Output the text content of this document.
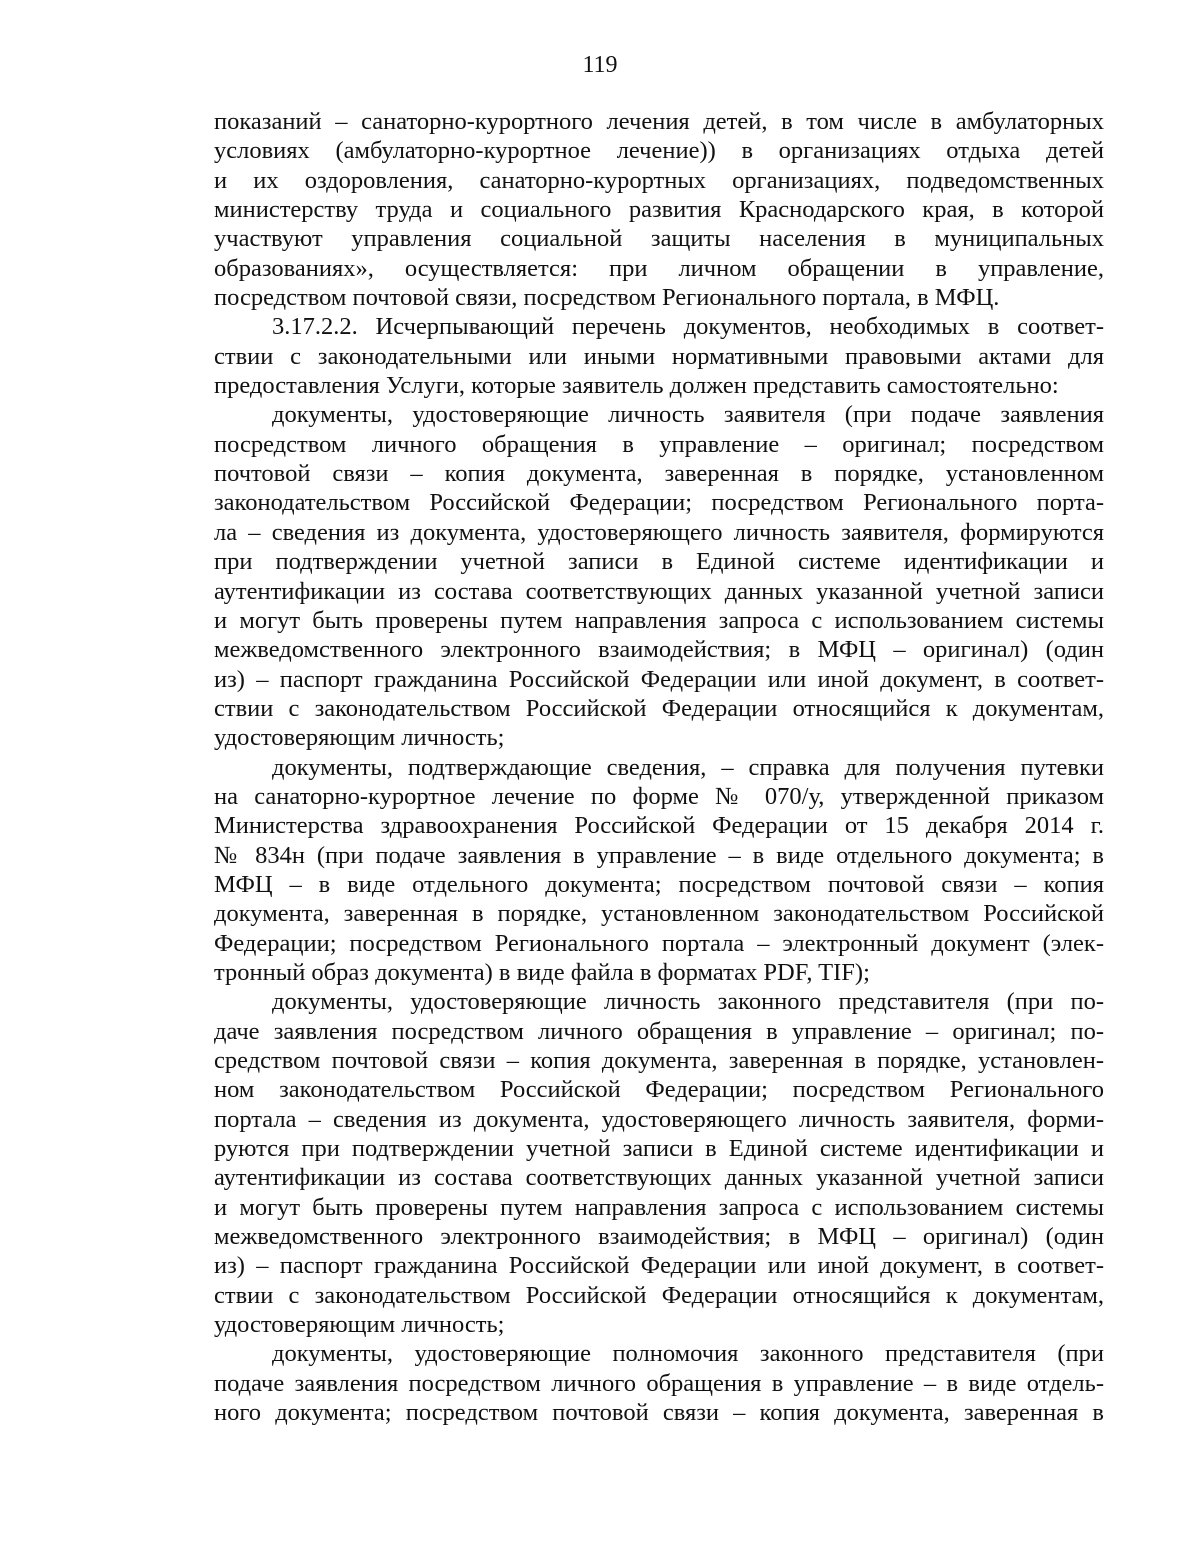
119
показаний – санаторно-курортного лечения детей, в том числе в амбулаторных
условиях (амбулаторно-курортное лечение)) в организациях отдыха детей
и их оздоровления, санаторно-курортных организациях, подведомственных
министерству труда и социального развития Краснодарского края, в которой
участвуют управления социальной защиты населения в муниципальных
образованиях», осуществляется: при личном обращении в управление,
посредством почтовой связи, посредством Регионального портала, в МФЦ.
3.17.2.2. Исчерпывающий перечень документов, необходимых в соответ-
ствии с законодательными или иными нормативными правовыми актами для
предоставления Услуги, которые заявитель должен представить самостоятельно:
документы, удостоверяющие личность заявителя (при подаче заявления
посредством личного обращения в управление – оригинал; посредством
почтовой связи – копия документа, заверенная в порядке, установленном
законодательством Российской Федерации; посредством Регионального порта-
ла – сведения из документа, удостоверяющего личность заявителя, формируются
при подтверждении учетной записи в Единой системе идентификации и
аутентификации из состава соответствующих данных указанной учетной записи
и могут быть проверены путем направления запроса с использованием системы
межведомственного электронного взаимодействия; в МФЦ – оригинал) (один
из) – паспорт гражданина Российской Федерации или иной документ, в соответ-
ствии с законодательством Российской Федерации относящийся к документам,
удостоверяющим личность;
документы, подтверждающие сведения, – справка для получения путевки
на санаторно-курортное лечение по форме № 070/у, утвержденной приказом
Министерства здравоохранения Российской Федерации от 15 декабря 2014 г.
№ 834н (при подаче заявления в управление – в виде отдельного документа; в
МФЦ – в виде отдельного документа; посредством почтовой связи – копия
документа, заверенная в порядке, установленном законодательством Российской
Федерации; посредством Регионального портала – электронный документ (элек-
тронный образ документа) в виде файла в форматах PDF, TIF);
документы, удостоверяющие личность законного представителя (при по-
даче заявления посредством личного обращения в управление – оригинал; по-
средством почтовой связи – копия документа, заверенная в порядке, установлен-
ном законодательством Российской Федерации; посредством Регионального
портала – сведения из документа, удостоверяющего личность заявителя, форми-
руются при подтверждении учетной записи в Единой системе идентификации и
аутентификации из состава соответствующих данных указанной учетной записи
и могут быть проверены путем направления запроса с использованием системы
межведомственного электронного взаимодействия; в МФЦ – оригинал) (один
из) – паспорт гражданина Российской Федерации или иной документ, в соответ-
ствии с законодательством Российской Федерации относящийся к документам,
удостоверяющим личность;
документы, удостоверяющие полномочия законного представителя (при
подаче заявления посредством личного обращения в управление – в виде отдель-
ного документа; посредством почтовой связи – копия документа, заверенная в
